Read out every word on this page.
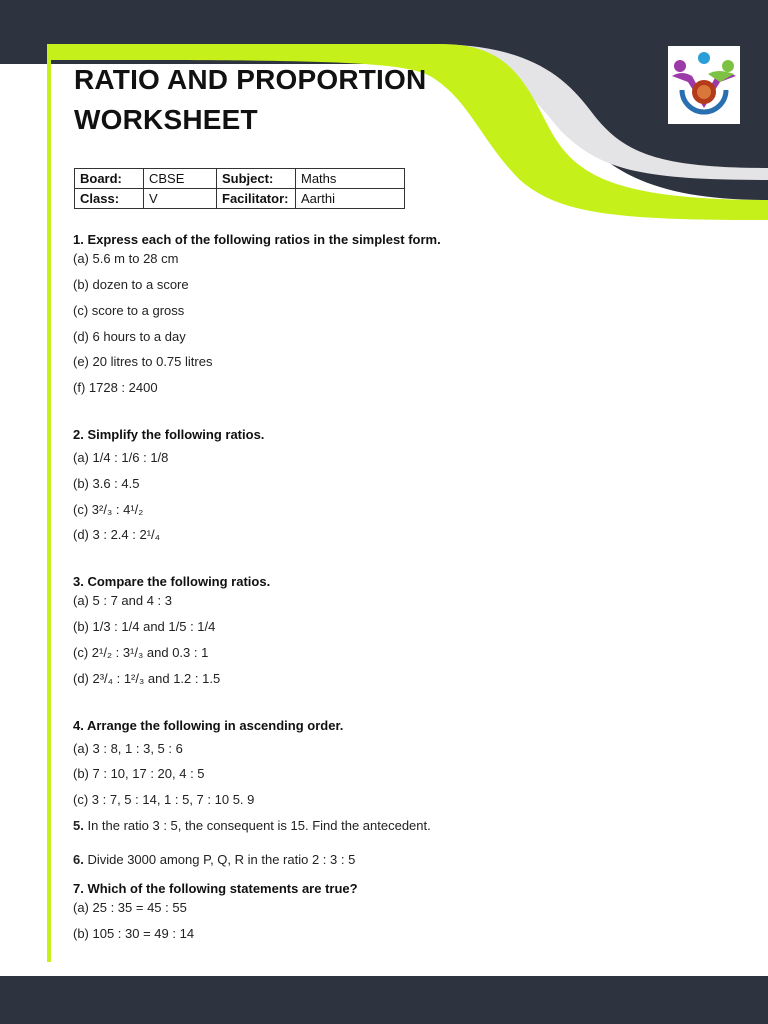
RATIO AND PROPORTION
WORKSHEET
Board:	CBSE	Subject:	Maths
Class:	V	Facilitator:	Aarthi

1. Express each of the following ratios in the simplest form.

(a) 5.6 m to 28 cm

(b) dozen to a score

(c) score to a gross

(d) 6 hours to a day

(e) 20 litres to 0.75 litres

(f) 1728 : 2400

2. Simplify the following ratios.

(a) 1/4 : 1/6 : 1/8

(b) 3.6 : 4.5

(c) 3²/₃ : 4¹/₂

(d) 3 : 2.4 : 2¹/₄

3. Compare the following ratios.

(a) 5 : 7 and 4 : 3

(b) 1/3 : 1/4 and 1/5 : 1/4

(c) 2¹/₂ : 3¹/₃ and 0.3 : 1

(d) 2³/₄ : 1²/₃ and 1.2 : 1.5

4. Arrange the following in ascending order.

(a) 3 : 8, 1 : 3, 5 : 6

(b) 7 : 10, 17 : 20, 4 : 5

(c) 3 : 7, 5 : 14, 1 : 5, 7 : 10 5. 9

5. In the ratio 3 : 5, the consequent is 15. Find the antecedent.

6. Divide 3000 among P, Q, R in the ratio 2 : 3 : 5

7. Which of the following statements are true?

(a) 25 : 35 = 45 : 55

(b) 105 : 30 = 49 : 14
